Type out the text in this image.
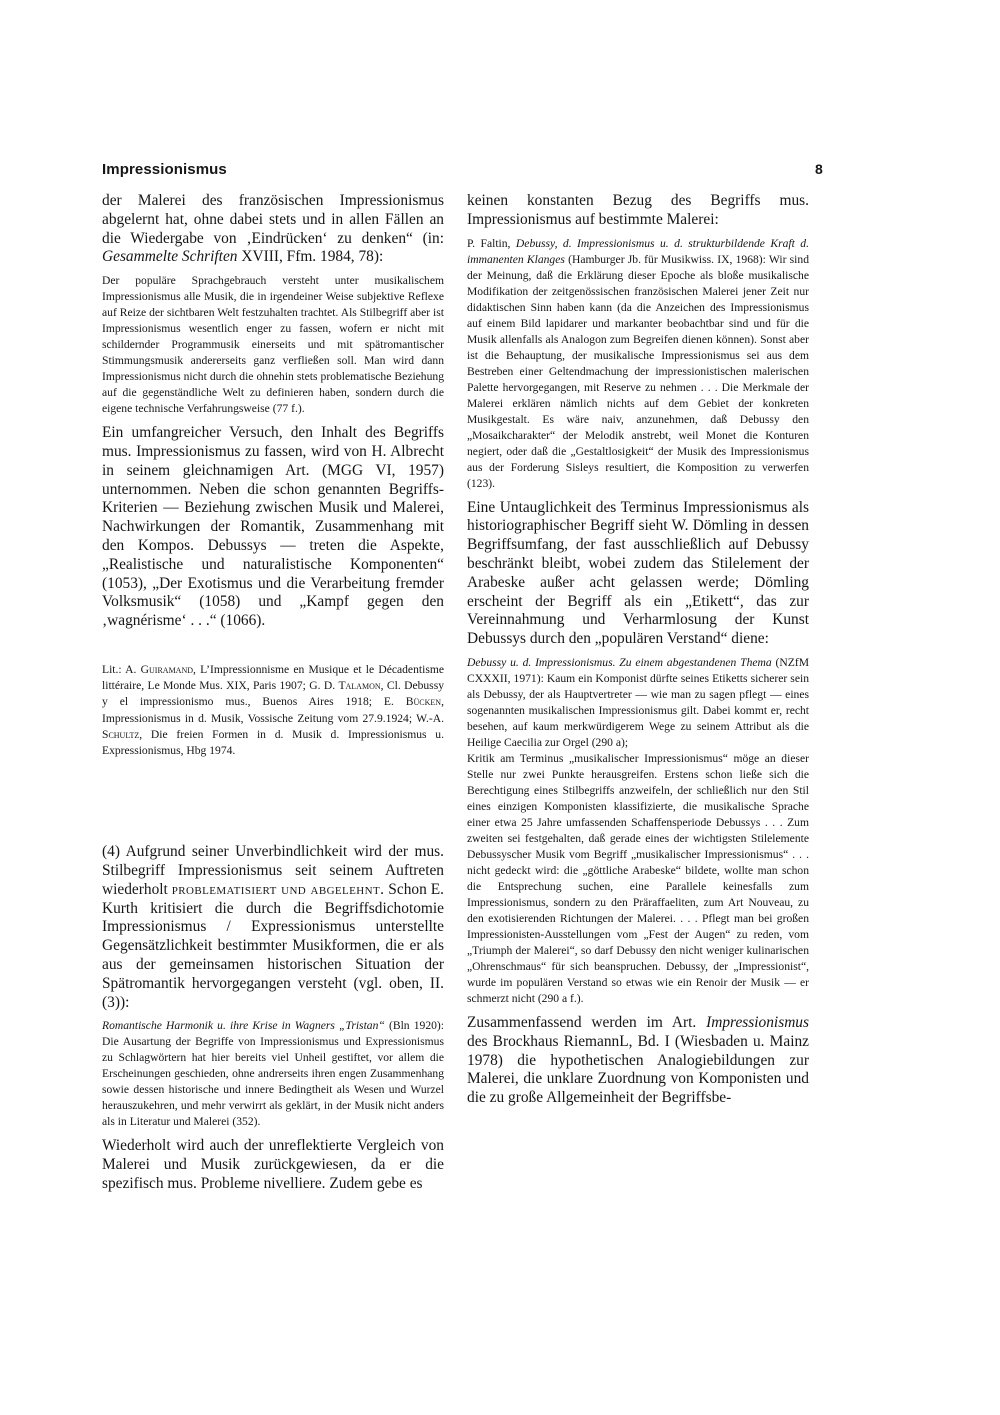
Impressionismus	8

der Malerei des französischen Impressionismus abgelernt hat, ohne dabei stets und in allen Fällen an die Wiedergabe von ‚Eindrücken‘ zu denken“ (in: Gesammelte Schriften XVIII, Ffm. 1984, 78):

Der populäre Sprachgebrauch versteht unter musikalischem Impressionismus alle Musik, die in irgendeiner Weise subjektive Reflexe auf Reize der sichtbaren Welt festzuhalten trachtet. Als Stilbegriff aber ist Impressionismus wesentlich enger zu fassen, wofern er nicht mit schildernder Programmusik einerseits und mit spätromantischer Stimmungsmusik andererseits ganz verfließen soll. Man wird dann Impressionismus nicht durch die ohnehin stets problematische Beziehung auf die gegenständliche Welt zu definieren haben, sondern durch die eigene technische Verfahrungsweise (77 f.).

Ein umfangreicher Versuch, den Inhalt des Begriffs mus. Impressionismus zu fassen, wird von H. Albrecht in seinem gleichnamigen Art. (MGG VI, 1957) unternommen. Neben die schon genannten Begriffs-Kriterien — Beziehung zwischen Musik und Malerei, Nachwirkungen der Romantik, Zusammenhang mit den Kompos. Debussys — treten die Aspekte, „Realistische und naturalistische Komponenten“ (1053), „Der Exotismus und die Verarbeitung fremder Volksmusik“ (1058) und „Kampf gegen den ‚wagnérisme‘ . . .“ (1066).

Lit.: A. Guiramand, L’Impressionnisme en Musique et le Décadentisme littéraire, Le Monde Mus. XIX, Paris 1907; G. D. Talamon, Cl. Debussy y el impressionismo mus., Buenos Aires 1918; E. Bücken, Impressionismus in d. Musik, Vossische Zeitung vom 27.9.1924; W.-A. Schultz, Die freien Formen in d. Musik d. Impressionismus u. Expressionismus, Hbg 1974.

(4) Aufgrund seiner Unverbindlichkeit wird der mus. Stilbegriff Impressionismus seit seinem Auftreten wiederholt problematisiert und abgelehnt. Schon E. Kurth kritisiert die durch die Begriffsdichotomie Impressionismus / Expressionismus unterstellte Gegensätzlichkeit bestimmter Musikformen, die er als aus der gemeinsamen historischen Situation der Spätromantik hervorgegangen versteht (vgl. oben, II. (3)):

Romantische Harmonik u. ihre Krise in Wagners „Tristan“ (Bln 1920): Die Ausartung der Begriffe von Impressionismus und Expressionismus zu Schlagwörtern hat hier bereits viel Unheil gestiftet, vor allem die Erscheinungen geschieden, ohne andrerseits ihren engen Zusammenhang sowie dessen historische und innere Bedingtheit als Wesen und Wurzel herauszukehren, und mehr verwirrt als geklärt, in der Musik nicht anders als in Literatur und Malerei (352).

Wiederholt wird auch der unreflektierte Vergleich von Malerei und Musik zurückgewiesen, da er die spezifisch mus. Probleme nivelliere. Zudem gebe es

keinen konstanten Bezug des Begriffs mus. Impressionismus auf bestimmte Malerei:

P. Faltin, Debussy, d. Impressionismus u. d. strukturbildende Kraft d. immanenten Klanges (Hamburger Jb. für Musikwiss. IX, 1968): Wir sind der Meinung, daß die Erklärung dieser Epoche als bloße musikalische Modifikation der zeitgenössischen französischen Malerei jener Zeit nur didaktischen Sinn haben kann (da die Anzeichen des Impressionismus auf einem Bild lapidarer und markanter beobachtbar sind und für die Musik allenfalls als Analogon zum Begreifen dienen können). Sonst aber ist die Behauptung, der musikalische Impressionismus sei aus dem Bestreben einer Geltendmachung der impressionistischen malerischen Palette hervorgegangen, mit Reserve zu nehmen . . . Die Merkmale der Malerei erklären nämlich nichts auf dem Gebiet der konkreten Musikgestalt. Es wäre naiv, anzunehmen, daß Debussy den „Mosaikcharakter“ der Melodik anstrebt, weil Monet die Konturen negiert, oder daß die „Gestaltlosigkeit“ der Musik des Impressionismus aus der Forderung Sisleys resultiert, die Komposition zu verwerfen (123).

Eine Untauglichkeit des Terminus Impressionismus als historiographischer Begriff sieht W. Dömling in dessen Begriffsumfang, der fast ausschließlich auf Debussy beschränkt bleibt, wobei zudem das Stilelement der Arabeske außer acht gelassen werde; Dömling erscheint der Begriff als ein „Etikett“, das zur Vereinnahmung und Verharmlosung der Kunst Debussys durch den „populären Verstand“ diene:

Debussy u. d. Impressionismus. Zu einem abgestandenen Thema (NZfM CXXXII, 1971): Kaum ein Komponist dürfte seines Etiketts sicherer sein als Debussy, der als Hauptvertreter — wie man zu sagen pflegt — eines sogenannten musikalischen Impressionismus gilt. Dabei kommt er, recht besehen, auf kaum merkwürdigerem Wege zu seinem Attribut als die Heilige Caecilia zur Orgel (290 a);

Kritik am Terminus „musikalischer Impressionismus“ möge an dieser Stelle nur zwei Punkte herausgreifen. Erstens schon ließe sich die Berechtigung eines Stilbegriffs anzweifeln, der schließlich nur den Stil eines einzigen Komponisten klassifizierte, die musikalische Sprache einer etwa 25 Jahre umfassenden Schaffensperiode Debussys . . . Zum zweiten sei festgehalten, daß gerade eines der wichtigsten Stilelemente Debussyscher Musik vom Begriff „musikalischer Impressionismus“ . . . nicht gedeckt wird: die „göttliche Arabeske“ bildete, wollte man schon die Entsprechung suchen, eine Parallele keinesfalls zum Impressionismus, sondern zu den Präraffaeliten, zum Art Nouveau, zu den exotisierenden Richtungen der Malerei. . . . Pflegt man bei großen Impressionisten-Ausstellungen vom „Fest der Augen“ zu reden, vom „Triumph der Malerei“, so darf Debussy den nicht weniger kulinarischen „Ohrenschmaus“ für sich beanspruchen. Debussy, der „Impressionist“, wurde im populären Verstand so etwas wie ein Renoir der Musik — er schmerzt nicht (290 a f.).

Zusammenfassend werden im Art. Impressionismus des Brockhaus RiemannL, Bd. I (Wiesbaden u. Mainz 1978) die hypothetischen Analogiebildungen zur Malerei, die unklare Zuordnung von Komponisten und die zu große Allgemeinheit der Begriffsbe-
